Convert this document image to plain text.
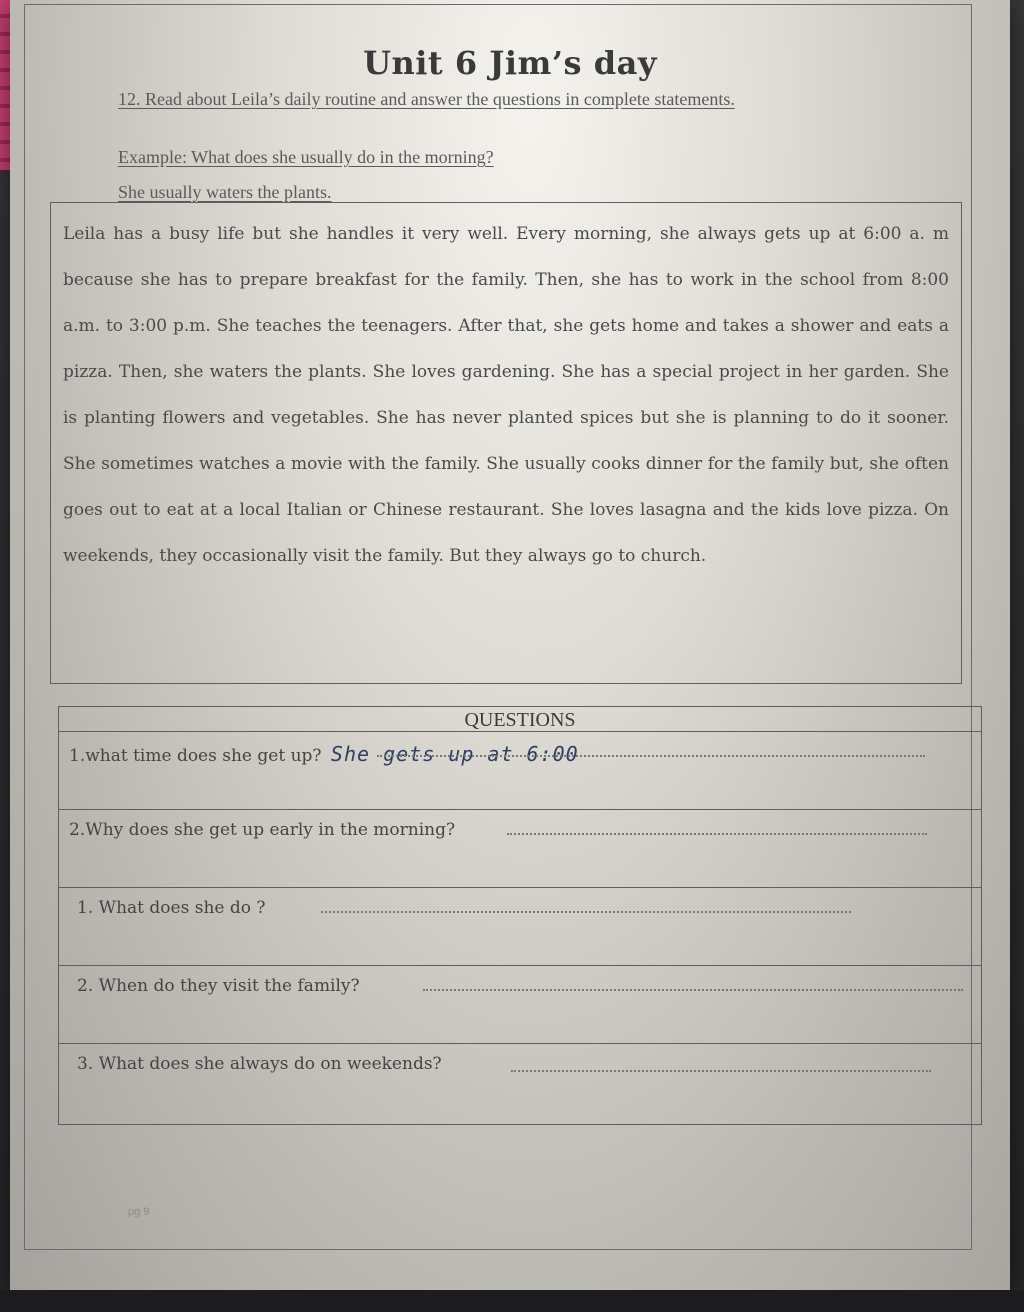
Unit 6 Jim’s day
12. Read about Leila’s daily routine and answer the questions in complete statements.
Example: What does she usually do in the morning?
She usually waters the plants.

Leila has a busy life but she handles it very well. Every morning, she always gets up at 6:00 a. m because she has to prepare breakfast for the family. Then, she has to work in the school from 8:00 a.m. to 3:00 p.m. She teaches the teenagers. After that, she gets home and takes a shower and eats a pizza. Then, she waters the plants. She loves gardening. She has a special project in her garden. She is planting flowers and vegetables. She has never planted spices but she is planning to do it sooner. She sometimes watches a movie with the family. She usually cooks dinner for the family but, she often goes out to eat at a local Italian or Chinese restaurant. She loves lasagna and the kids love pizza. On weekends, they occasionally visit the family. But they always go to church.

QUESTIONS
1.what time does she get up? She gets up at 6:00
2.Why does she get up early in the morning?
1. What does she do ?
2. When do they visit the family?
3. What does she always do on weekends?
pg 9
